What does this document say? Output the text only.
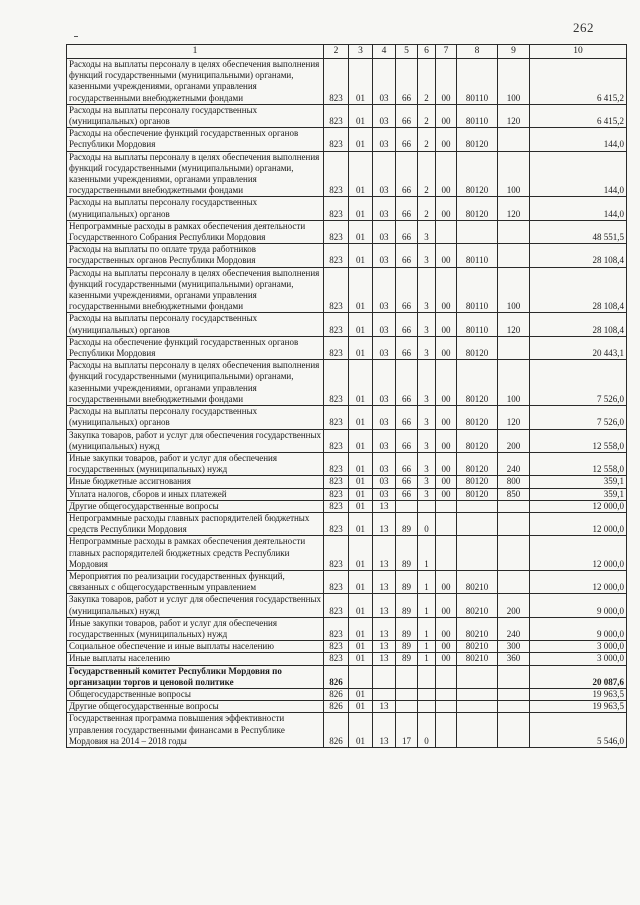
262
1	2	3	4	5	6	7	8	9	10
Расходы на выплаты персоналу в целях обеспечения выполнения функций государственными (муниципальными) органами, казенными учреждениями, органами управления государственными внебюджетными фондами	823	01	03	66	2	00	80110	100	6 415,2
Расходы на выплаты персоналу государственных (муниципальных) органов	823	01	03	66	2	00	80110	120	6 415,2
Расходы на обеспечение функций государственных органов Республики Мордовия	823	01	03	66	2	00	80120		144,0
Расходы на выплаты персоналу в целях обеспечения выполнения функций государственными (муниципальными) органами, казенными учреждениями, органами управления государственными внебюджетными фондами	823	01	03	66	2	00	80120	100	144,0
Расходы на выплаты персоналу государственных (муниципальных) органов	823	01	03	66	2	00	80120	120	144,0
Непрограммные расходы в рамках обеспечения деятельности Государственного Собрания Республики Мордовия	823	01	03	66	3				48 551,5
Расходы на выплаты по оплате труда работников государственных органов Республики Мордовия	823	01	03	66	3	00	80110		28 108,4
Расходы на выплаты персоналу в целях обеспечения выполнения функций государственными (муниципальными) органами, казенными учреждениями, органами управления государственными внебюджетными фондами	823	01	03	66	3	00	80110	100	28 108,4
Расходы на выплаты персоналу государственных (муниципальных) органов	823	01	03	66	3	00	80110	120	28 108,4
Расходы на обеспечение функций государственных органов Республики Мордовия	823	01	03	66	3	00	80120		20 443,1
Расходы на выплаты персоналу в целях обеспечения выполнения функций государственными (муниципальными) органами, казенными учреждениями, органами управления государственными внебюджетными фондами	823	01	03	66	3	00	80120	100	7 526,0
Расходы на выплаты персоналу государственных (муниципальных) органов	823	01	03	66	3	00	80120	120	7 526,0
Закупка товаров, работ и услуг для обеспечения государственных (муниципальных) нужд	823	01	03	66	3	00	80120	200	12 558,0
Иные закупки товаров, работ и услуг для обеспечения государственных (муниципальных) нужд	823	01	03	66	3	00	80120	240	12 558,0
Иные бюджетные ассигнования	823	01	03	66	3	00	80120	800	359,1
Уплата налогов, сборов и иных платежей	823	01	03	66	3	00	80120	850	359,1
Другие общегосударственные вопросы	823	01	13						12 000,0
Непрограммные расходы главных распорядителей бюджетных средств Республики Мордовия	823	01	13	89	0				12 000,0
Непрограммные расходы в рамках обеспечения деятельности главных распорядителей бюджетных средств Республики Мордовия	823	01	13	89	1				12 000,0
Мероприятия по реализации государственных функций, связанных с общегосударственным управлением	823	01	13	89	1	00	80210		12 000,0
Закупка товаров, работ и услуг для обеспечения государственных (муниципальных) нужд	823	01	13	89	1	00	80210	200	9 000,0
Иные закупки товаров, работ и услуг для обеспечения государственных (муниципальных) нужд	823	01	13	89	1	00	80210	240	9 000,0
Социальное обеспечение и иные выплаты населению	823	01	13	89	1	00	80210	300	3 000,0
Иные выплаты населению	823	01	13	89	1	00	80210	360	3 000,0
Государственный комитет Республики Мордовия по организации торгов и ценовой политике	826								20 087,6
Общегосударственные вопросы	826	01							19 963,5
Другие общегосударственные вопросы	826	01	13						19 963,5
Государственная программа повышения эффективности управления государственными финансами в Республике Мордовия на 2014 – 2018 годы	826	01	13	17	0				5 546,0
